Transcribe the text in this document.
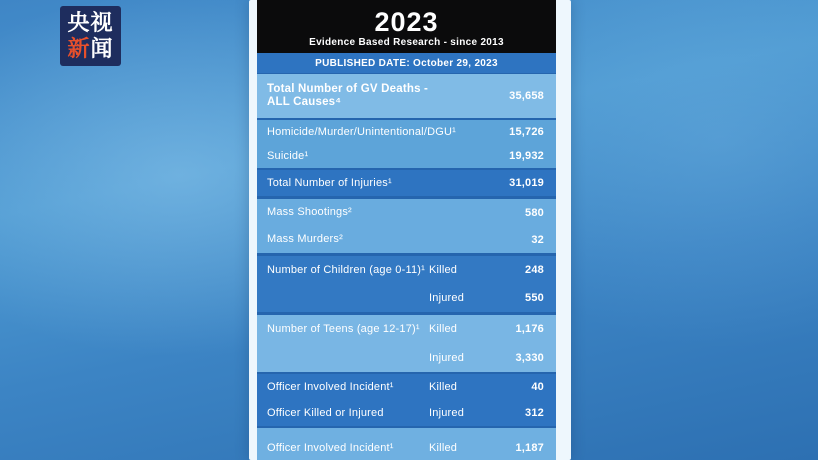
央视
新闻
2023
Evidence Based Research - since 2013
PUBLISHED DATE: October 29, 2023
Total Number of GV Deaths -
ALL Causes⁴	35,658
Homicide/Murder/Unintentional/DGU¹	15,726
Suicide¹	19,932
Total Number of Injuries¹	31,019
Mass Shootings²	580
Mass Murders²	32
Number of Children (age 0-11)¹ Killed	248
Injured	550
Number of Teens (age 12-17)¹ Killed	1,176
Injured	3,330
Officer Involved Incident¹	Killed	40
Officer Killed or Injured	Injured	312
Officer Involved Incident¹	Killed	1,187
